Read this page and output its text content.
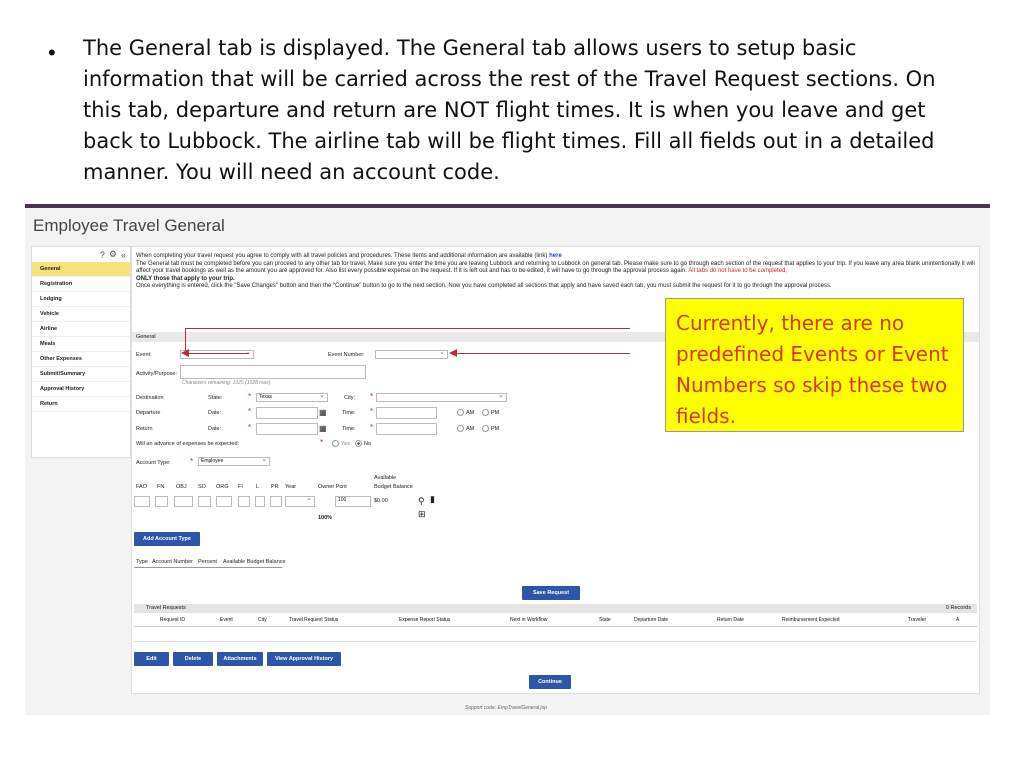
• The General tab is displayed. The General tab allows users to setup basic information that will be carried across the rest of the Travel Request sections. On this tab, departure and return are NOT flight times. It is when you leave and get back to Lubbock. The airline tab will be flight times. Fill all fields out in a detailed manner. You will need an account code.
Employee Travel General
? ⚙ «
General
Registration
Lodging
Vehicle
Airline
Meals
Other Expenses
Submit/Summary
Approval History
Return
When completing your travel request you agree to comply with all travel policies and procedures. These items and additional information are available (link) here
The General tab must be completed before you can proceed to any other tab for travel. Make sure you enter the time you are leaving Lubbock and returning to Lubbock on general tab. Please make sure to go through each section of the request that applies to your trip. If you leave any area blank unintentionally it will affect your travel bookings as well as the amount you are approved for. Also list every possible expense on the request. If it is left out and has to be edited, it will have to go through the approval process again. All tabs do not have to be completed,
ONLY those that apply to your trip.
Once everything is entered, click the "Save Changes" button and then the "Continue" button to go to the next section. Now you have completed all sections that apply and have saved each tab, you must submit the request for it to go through the approval process.
General
Event:
⌄	Event Number:
⌄
Activity/Purpose:
Characters remaining: 1025 (1028 max)
Destination	State:	*	Texas ⌄	City: *
⌄
Departure	Date:	*	▦	Time: *	AM	PM
Return	Date:	*	▦	Time: *	AM	PM
Will an advance of expenses be expected:	*	Yes	No
Account Type: *	Employee ⌄
FAO FN OBJ SO ORG FI L PR Year	Owner Pcnt
Available Budget Balance
⌄
100	$0.00	⚲ ▮
⊞
100%
Add Account Type
Type Account Number Percent Available Budget Balance
Save Request
Travel Requests	0 Records
Request ID	Event	City	Travel Request Status	Expense Report Status	Next in Workflow	State	Departure Date	Return Date	Reimbursement Expected	Traveler	A
Edit	Delete	Attachments	View Approval History
Continue
Support code: EmpTravelGeneral.jsp
Currently, there are no predefined Events or Event Numbers so skip these two fields.
